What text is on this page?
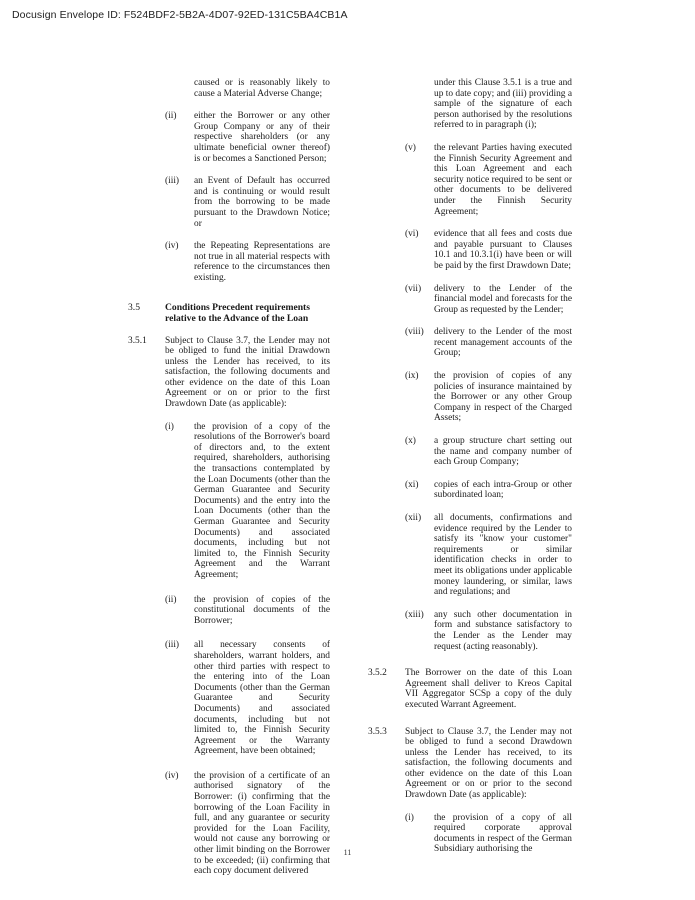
Docusign Envelope ID: F524BDF2-5B2A-4D07-92ED-131C5BA4CB1A
caused or is reasonably likely to cause a Material Adverse Change;
(ii)	either the Borrower or any other Group Company or any of their respective shareholders (or any ultimate beneficial owner thereof) is or becomes a Sanctioned Person;
(iii)	an Event of Default has occurred and is continuing or would result from the borrowing to be made pursuant to the Drawdown Notice; or
(iv)	the Repeating Representations are not true in all material respects with reference to the circumstances then existing.
3.5	Conditions Precedent requirements relative to the Advance of the Loan
3.5.1	Subject to Clause 3.7, the Lender may not be obliged to fund the initial Drawdown unless the Lender has received, to its satisfaction, the following documents and other evidence on the date of this Loan Agreement or on or prior to the first Drawdown Date (as applicable):
(i)	the provision of a copy of the resolutions of the Borrower's board of directors and, to the extent required, shareholders, authorising the transactions contemplated by the Loan Documents (other than the German Guarantee and Security Documents) and the entry into the Loan Documents (other than the German Guarantee and Security Documents) and associated documents, including but not limited to, the Finnish Security Agreement and the Warrant Agreement;
(ii)	the provision of copies of the constitutional documents of the Borrower;
(iii)	all necessary consents of shareholders, warrant holders, and other third parties with respect to the entering into of the Loan Documents (other than the German Guarantee and Security Documents) and associated documents, including but not limited to, the Finnish Security Agreement or the Warranty Agreement, have been obtained;
(iv)	the provision of a certificate of an authorised signatory of the Borrower: (i) confirming that the borrowing of the Loan Facility in full, and any guarantee or security provided for the Loan Facility, would not cause any borrowing or other limit binding on the Borrower to be exceeded; (ii) confirming that each copy document delivered
under this Clause 3.5.1 is a true and up to date copy; and (iii) providing a sample of the signature of each person authorised by the resolutions referred to in paragraph (i);
(v)	the relevant Parties having executed the Finnish Security Agreement and this Loan Agreement and each security notice required to be sent or other documents to be delivered under the Finnish Security Agreement;
(vi)	evidence that all fees and costs due and payable pursuant to Clauses 10.1 and 10.3.1(i) have been or will be paid by the first Drawdown Date;
(vii)	delivery to the Lender of the financial model and forecasts for the Group as requested by the Lender;
(viii)	delivery to the Lender of the most recent management accounts of the Group;
(ix)	the provision of copies of any policies of insurance maintained by the Borrower or any other Group Company in respect of the Charged Assets;
(x)	a group structure chart setting out the name and company number of each Group Company;
(xi)	copies of each intra-Group or other subordinated loan;
(xii)	all documents, confirmations and evidence required by the Lender to satisfy its "know your customer" requirements or similar identification checks in order to meet its obligations under applicable money laundering, or similar, laws and regulations; and
(xiii)	any such other documentation in form and substance satisfactory to the Lender as the Lender may request (acting reasonably).
3.5.2	The Borrower on the date of this Loan Agreement shall deliver to Kreos Capital VII Aggregator SCSp a copy of the duly executed Warrant Agreement.
3.5.3	Subject to Clause 3.7, the Lender may not be obliged to fund a second Drawdown unless the Lender has received, to its satisfaction, the following documents and other evidence on the date of this Loan Agreement or on or prior to the second Drawdown Date (as applicable):
(i)	the provision of a copy of all required corporate approval documents in respect of the German Subsidiary authorising the
11
